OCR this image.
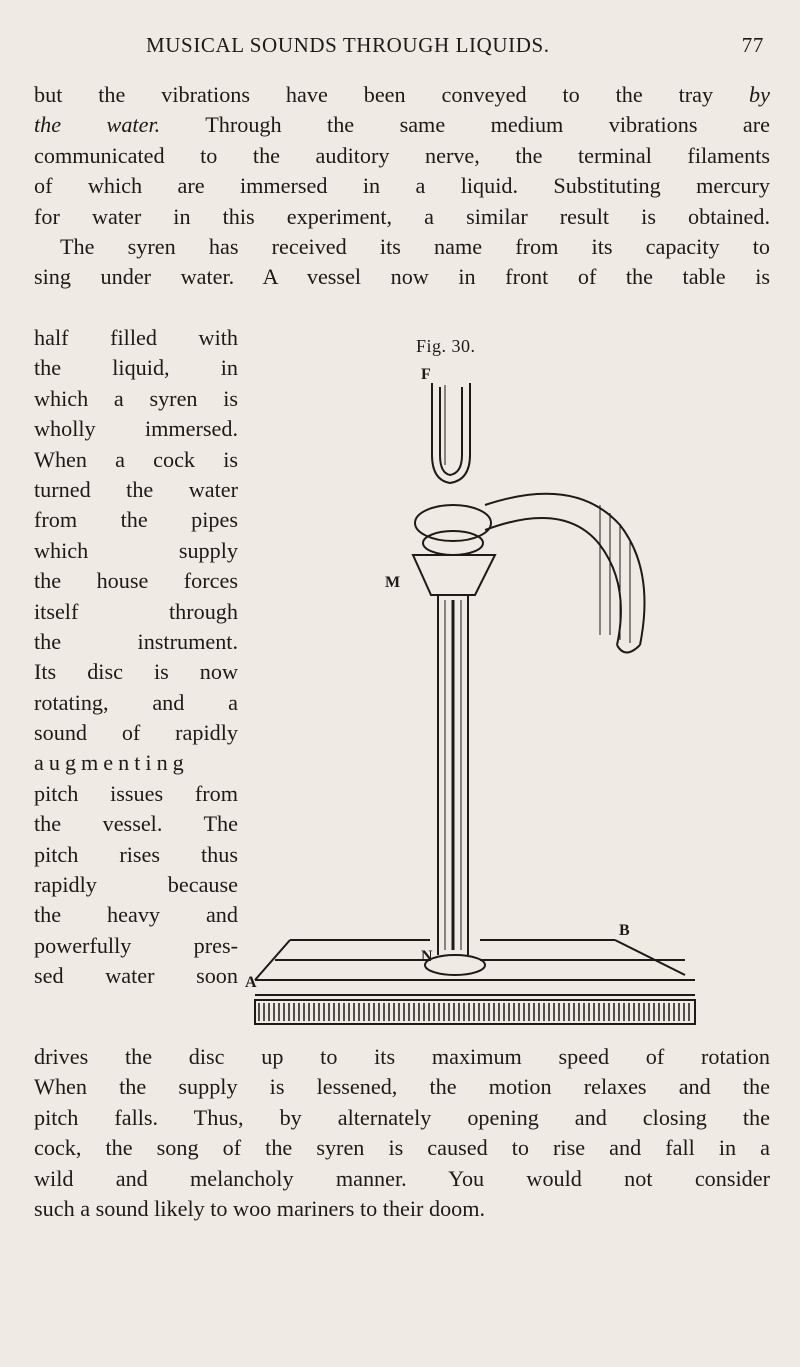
MUSICAL SOUNDS THROUGH LIQUIDS.	77
but the vibrations have been conveyed to the tray by
the water. Through the same medium vibrations are
communicated to the auditory nerve, the terminal filaments
of which are immersed in a liquid. Substituting mercury
for water in this experiment, a similar result is obtained.
The syren has received its name from its capacity to
sing under water. A vessel now in front of the table is
half filled with
the liquid, in
which a syren is
wholly immersed.
When a cock is
turned the water
from the pipes
which supply
the house forces
itself through
the instrument.
Its disc is now
rotating, and a
sound of rapidly
augmenting
pitch issues from
the vessel. The
pitch rises thus
rapidly because
the heavy and
powerfully pres-
sed water soon
Fig. 30.
F
M
A
B
N
drives the disc up to its maximum speed of rotation
When the supply is lessened, the motion relaxes and the
pitch falls. Thus, by alternately opening and closing the
cock, the song of the syren is caused to rise and fall in a
wild and melancholy manner. You would not consider
such a sound likely to woo mariners to their doom.
